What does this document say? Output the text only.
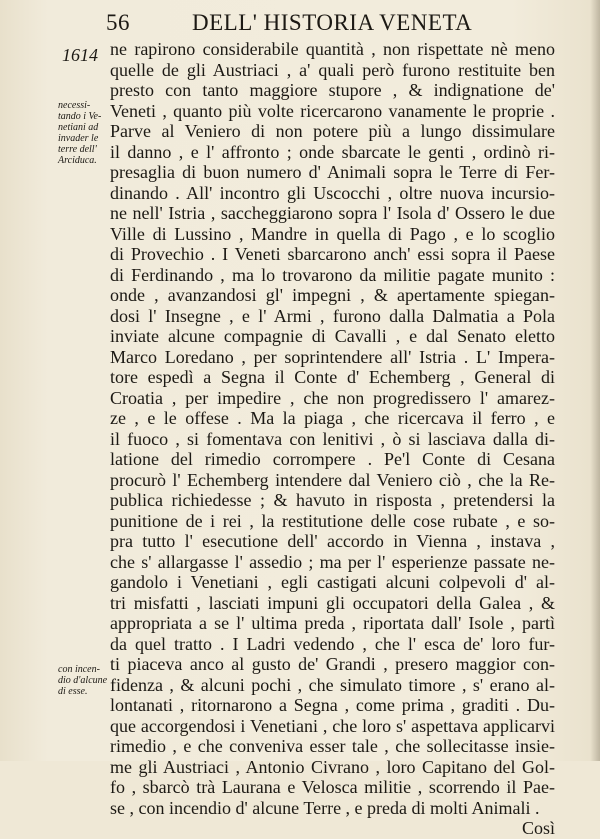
56	DELL' HISTORIA VENETA
1614
necessi-
tando i Ve-
netiani ad
invader le
terre dell'
Arciduca.
con incen-
dio d'alcune
di esse.
ne rapirono considerabile quantità , non rispettate nè meno
quelle de gli Austriaci , a' quali però furono restituite ben
presto con tanto maggiore stupore , & indignatione de'
Veneti , quanto più volte ricercarono vanamente le proprie .
Parve al Veniero di non potere più a lungo dissimulare
il danno , e l' affronto ; onde sbarcate le genti , ordinò ri-
presaglia di buon numero d' Animali sopra le Terre di Fer-
dinando . All' incontro gli Uscocchi , oltre nuova incursio-
ne nell' Istria , saccheggiarono sopra l' Isola d' Ossero le due
Ville di Lussino , Mandre in quella di Pago , e lo scoglio
di Provechio . I Veneti sbarcarono anch' essi sopra il Paese
di Ferdinando , ma lo trovarono da militie pagate munito :
onde , avanzandosi gl' impegni , & apertamente spiegan-
dosi l' Insegne , e l' Armi , furono dalla Dalmatia a Pola
inviate alcune compagnie di Cavalli , e dal Senato eletto
Marco Loredano , per soprintendere all' Istria . L' Impera-
tore espedì a Segna il Conte d' Echemberg , General di
Croatia , per impedire , che non progredissero l' amarez-
ze , e le offese . Ma la piaga , che ricercava il ferro , e
il fuoco , si fomentava con lenitivi , ò si lasciava dalla di-
latione del rimedio corrompere . Pe'l Conte di Cesana
procurò l' Echemberg intendere dal Veniero ciò , che la Re-
publica richiedesse ; & havuto in risposta , pretendersi la
punitione de i rei , la restitutione delle cose rubate , e so-
pra tutto l' esecutione dell' accordo in Vienna , instava ,
che s' allargasse l' assedio ; ma per l' esperienze passate ne-
gandolo i Venetiani , egli castigati alcuni colpevoli d' al-
tri misfatti , lasciati impuni gli occupatori della Galea , &
appropriata a se l' ultima preda , riportata dall' Isole , partì
da quel tratto . I Ladri vedendo , che l' esca de' loro fur-
ti piaceva anco al gusto de' Grandi , presero maggior con-
fidenza , & alcuni pochi , che simulato timore , s' erano al-
lontanati , ritornarono a Segna , come prima , graditi . Du-
que accorgendosi i Venetiani , che loro s' aspettava applicarvi
rimedio , e che conveniva esser tale , che sollecitasse insie-
me gli Austriaci , Antonio Civrano , loro Capitano del Gol-
fo , sbarcò trà Laurana e Velosca militie , scorrendo il Pae-
se , con incendio d' alcune Terre , e preda di molti Animali .
Così
